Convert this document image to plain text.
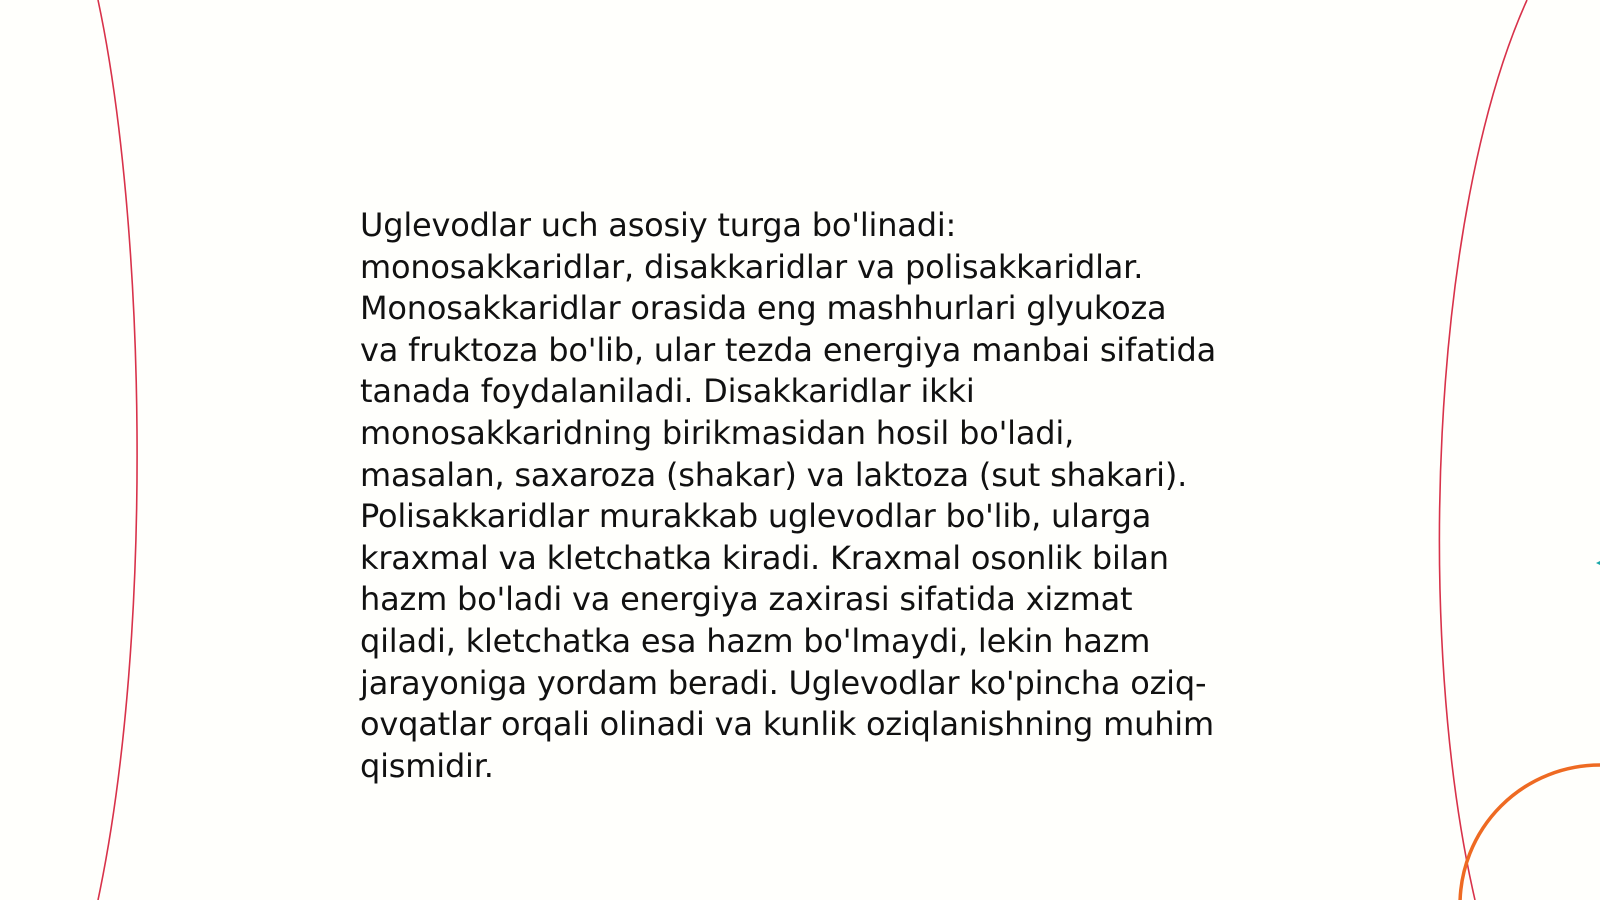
Uglevodlar uch asosiy turga bo'linadi:
monosakkaridlar, disakkaridlar va polisakkaridlar.
Monosakkaridlar orasida eng mashhurlari glyukoza
va fruktoza bo'lib, ular tezda energiya manbai sifatida
tanada foydalaniladi. Disakkaridlar ikki
monosakkaridning birikmasidan hosil bo'ladi,
masalan, saxaroza (shakar) va laktoza (sut shakari).
Polisakkaridlar murakkab uglevodlar bo'lib, ularga
kraxmal va kletchatka kiradi. Kraxmal osonlik bilan
hazm bo'ladi va energiya zaxirasi sifatida xizmat
qiladi, kletchatka esa hazm bo'lmaydi, lekin hazm
jarayoniga yordam beradi. Uglevodlar ko'pincha oziq-
ovqatlar orqali olinadi va kunlik oziqlanishning muhim
qismidir.
